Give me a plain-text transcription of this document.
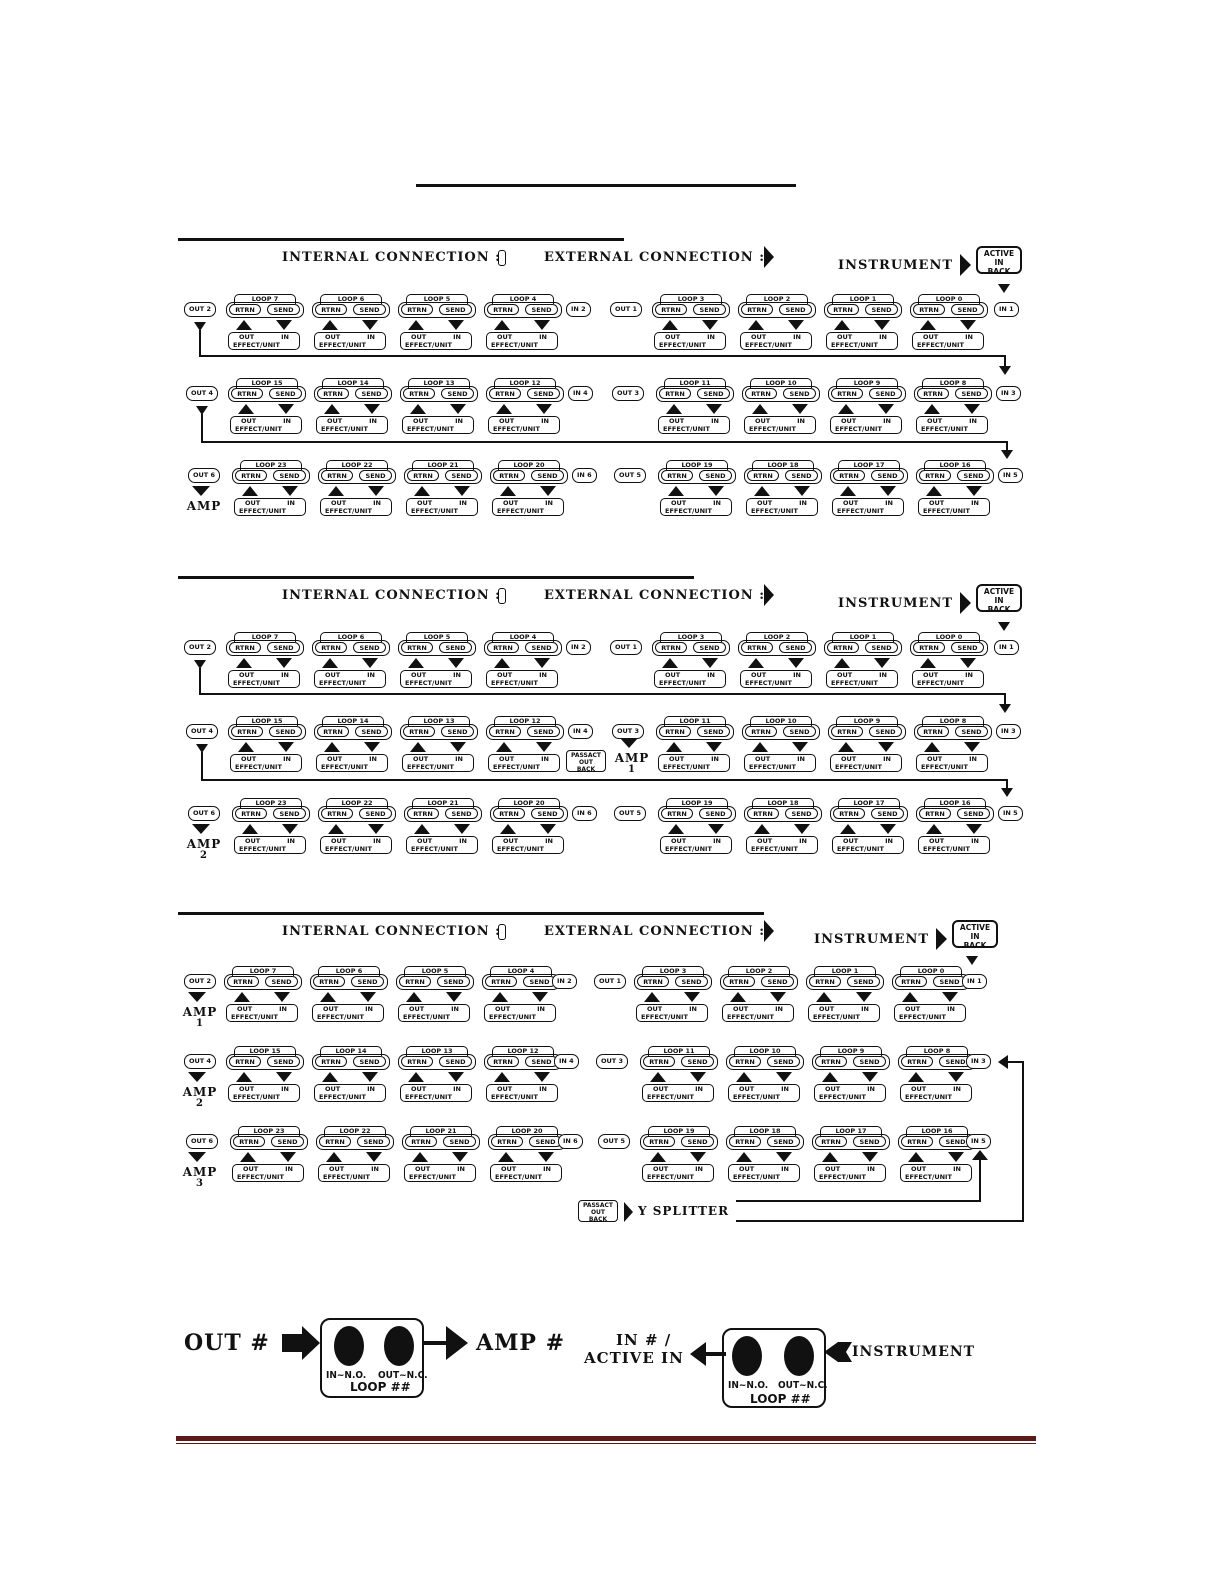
INTERNAL CONNECTION :	EXTERNAL CONNECTION :
INSTRUMENT
ACTIVE
IN
BACK
OUT 2
LOOP 7
RTRN	SEND
OUT	IN
EFFECT/UNIT
LOOP 6
RTRN	SEND
OUT	IN
EFFECT/UNIT
LOOP 5
RTRN	SEND
OUT	IN
EFFECT/UNIT
LOOP 4
RTRN	SEND
OUT	IN
EFFECT/UNIT
IN 2	OUT 1
LOOP 3
RTRN	SEND
OUT	IN
EFFECT/UNIT
LOOP 2
RTRN	SEND
OUT	IN
EFFECT/UNIT
LOOP 1
RTRN	SEND
OUT	IN
EFFECT/UNIT
LOOP 0
RTRN	SEND
OUT	IN
EFFECT/UNIT
IN 1
OUT 4
LOOP 15
RTRN	SEND
OUT	IN
EFFECT/UNIT
LOOP 14
RTRN	SEND
OUT	IN
EFFECT/UNIT
LOOP 13
RTRN	SEND
OUT	IN
EFFECT/UNIT
LOOP 12
RTRN	SEND
OUT	IN
EFFECT/UNIT
IN 4	OUT 3
LOOP 11
RTRN	SEND
OUT	IN
EFFECT/UNIT
LOOP 10
RTRN	SEND
OUT	IN
EFFECT/UNIT
LOOP 9
RTRN	SEND
OUT	IN
EFFECT/UNIT
LOOP 8
RTRN	SEND
OUT	IN
EFFECT/UNIT
IN 3
OUT 6
LOOP 23
RTRN	SEND
OUT	IN
EFFECT/UNIT
LOOP 22
RTRN	SEND
OUT	IN
EFFECT/UNIT
LOOP 21
RTRN	SEND
OUT	IN
EFFECT/UNIT
LOOP 20
RTRN	SEND
OUT	IN
EFFECT/UNIT
IN 6	OUT 5
LOOP 19
RTRN	SEND
OUT	IN
EFFECT/UNIT
LOOP 18
RTRN	SEND
OUT	IN
EFFECT/UNIT
LOOP 17
RTRN	SEND
OUT	IN
EFFECT/UNIT
LOOP 16
RTRN	SEND
OUT	IN
EFFECT/UNIT
IN 5
AMP
INTERNAL CONNECTION :	EXTERNAL CONNECTION :
INSTRUMENT
ACTIVE
IN
BACK
OUT 2
LOOP 7
RTRN	SEND
OUT	IN
EFFECT/UNIT
LOOP 6
RTRN	SEND
OUT	IN
EFFECT/UNIT
LOOP 5
RTRN	SEND
OUT	IN
EFFECT/UNIT
LOOP 4
RTRN	SEND
OUT	IN
EFFECT/UNIT
IN 2	OUT 1
LOOP 3
RTRN	SEND
OUT	IN
EFFECT/UNIT
LOOP 2
RTRN	SEND
OUT	IN
EFFECT/UNIT
LOOP 1
RTRN	SEND
OUT	IN
EFFECT/UNIT
LOOP 0
RTRN	SEND
OUT	IN
EFFECT/UNIT
IN 1
OUT 4
LOOP 15
RTRN	SEND
OUT	IN
EFFECT/UNIT
LOOP 14
RTRN	SEND
OUT	IN
EFFECT/UNIT
LOOP 13
RTRN	SEND
OUT	IN
EFFECT/UNIT
LOOP 12
RTRN	SEND
OUT	IN
EFFECT/UNIT
IN 4	OUT 3
LOOP 11
RTRN	SEND
OUT	IN
EFFECT/UNIT
LOOP 10
RTRN	SEND
OUT	IN
EFFECT/UNIT
LOOP 9
RTRN	SEND
OUT	IN
EFFECT/UNIT
LOOP 8
RTRN	SEND
OUT	IN
EFFECT/UNIT
IN 3
AMP
1
PASSACT
OUT
BACK
OUT 6
LOOP 23
RTRN	SEND
OUT	IN
EFFECT/UNIT
LOOP 22
RTRN	SEND
OUT	IN
EFFECT/UNIT
LOOP 21
RTRN	SEND
OUT	IN
EFFECT/UNIT
LOOP 20
RTRN	SEND
OUT	IN
EFFECT/UNIT
IN 6	OUT 5
LOOP 19
RTRN	SEND
OUT	IN
EFFECT/UNIT
LOOP 18
RTRN	SEND
OUT	IN
EFFECT/UNIT
LOOP 17
RTRN	SEND
OUT	IN
EFFECT/UNIT
LOOP 16
RTRN	SEND
OUT	IN
EFFECT/UNIT
IN 5
AMP
2
INTERNAL CONNECTION :	EXTERNAL CONNECTION :
INSTRUMENT
ACTIVE
IN
BACK
OUT 2
LOOP 7
RTRN	SEND
OUT	IN
EFFECT/UNIT
LOOP 6
RTRN	SEND
OUT	IN
EFFECT/UNIT
LOOP 5
RTRN	SEND
OUT	IN
EFFECT/UNIT
LOOP 4
RTRN	SEND
OUT	IN
EFFECT/UNIT
IN 2	OUT 1
LOOP 3
RTRN	SEND
OUT	IN
EFFECT/UNIT
LOOP 2
RTRN	SEND
OUT	IN
EFFECT/UNIT
LOOP 1
RTRN	SEND
OUT	IN
EFFECT/UNIT
LOOP 0
RTRN	SEND
OUT	IN
EFFECT/UNIT
IN 1
AMP
1
OUT 4
LOOP 15
RTRN	SEND
OUT	IN
EFFECT/UNIT
LOOP 14
RTRN	SEND
OUT	IN
EFFECT/UNIT
LOOP 13
RTRN	SEND
OUT	IN
EFFECT/UNIT
LOOP 12
RTRN	SEND
OUT	IN
EFFECT/UNIT
IN 4	OUT 3
LOOP 11
RTRN	SEND
OUT	IN
EFFECT/UNIT
LOOP 10
RTRN	SEND
OUT	IN
EFFECT/UNIT
LOOP 9
RTRN	SEND
OUT	IN
EFFECT/UNIT
LOOP 8
RTRN	SEND
OUT	IN
EFFECT/UNIT
IN 3
AMP
2
OUT 6
LOOP 23
RTRN	SEND
OUT	IN
EFFECT/UNIT
LOOP 22
RTRN	SEND
OUT	IN
EFFECT/UNIT
LOOP 21
RTRN	SEND
OUT	IN
EFFECT/UNIT
LOOP 20
RTRN	SEND
OUT	IN
EFFECT/UNIT
IN 6	OUT 5
LOOP 19
RTRN	SEND
OUT	IN
EFFECT/UNIT
LOOP 18
RTRN	SEND
OUT	IN
EFFECT/UNIT
LOOP 17
RTRN	SEND
OUT	IN
EFFECT/UNIT
LOOP 16
RTRN	SEND
OUT	IN
EFFECT/UNIT
IN 5
AMP
3
PASSACT
OUT
BACK
Y SPLITTER
OUT #
IN~N.O. OUT~N.C.
LOOP ##
AMP #	IN # /
ACTIVE IN
IN~N.O. OUT~N.C.
LOOP ##
INSTRUMENT
